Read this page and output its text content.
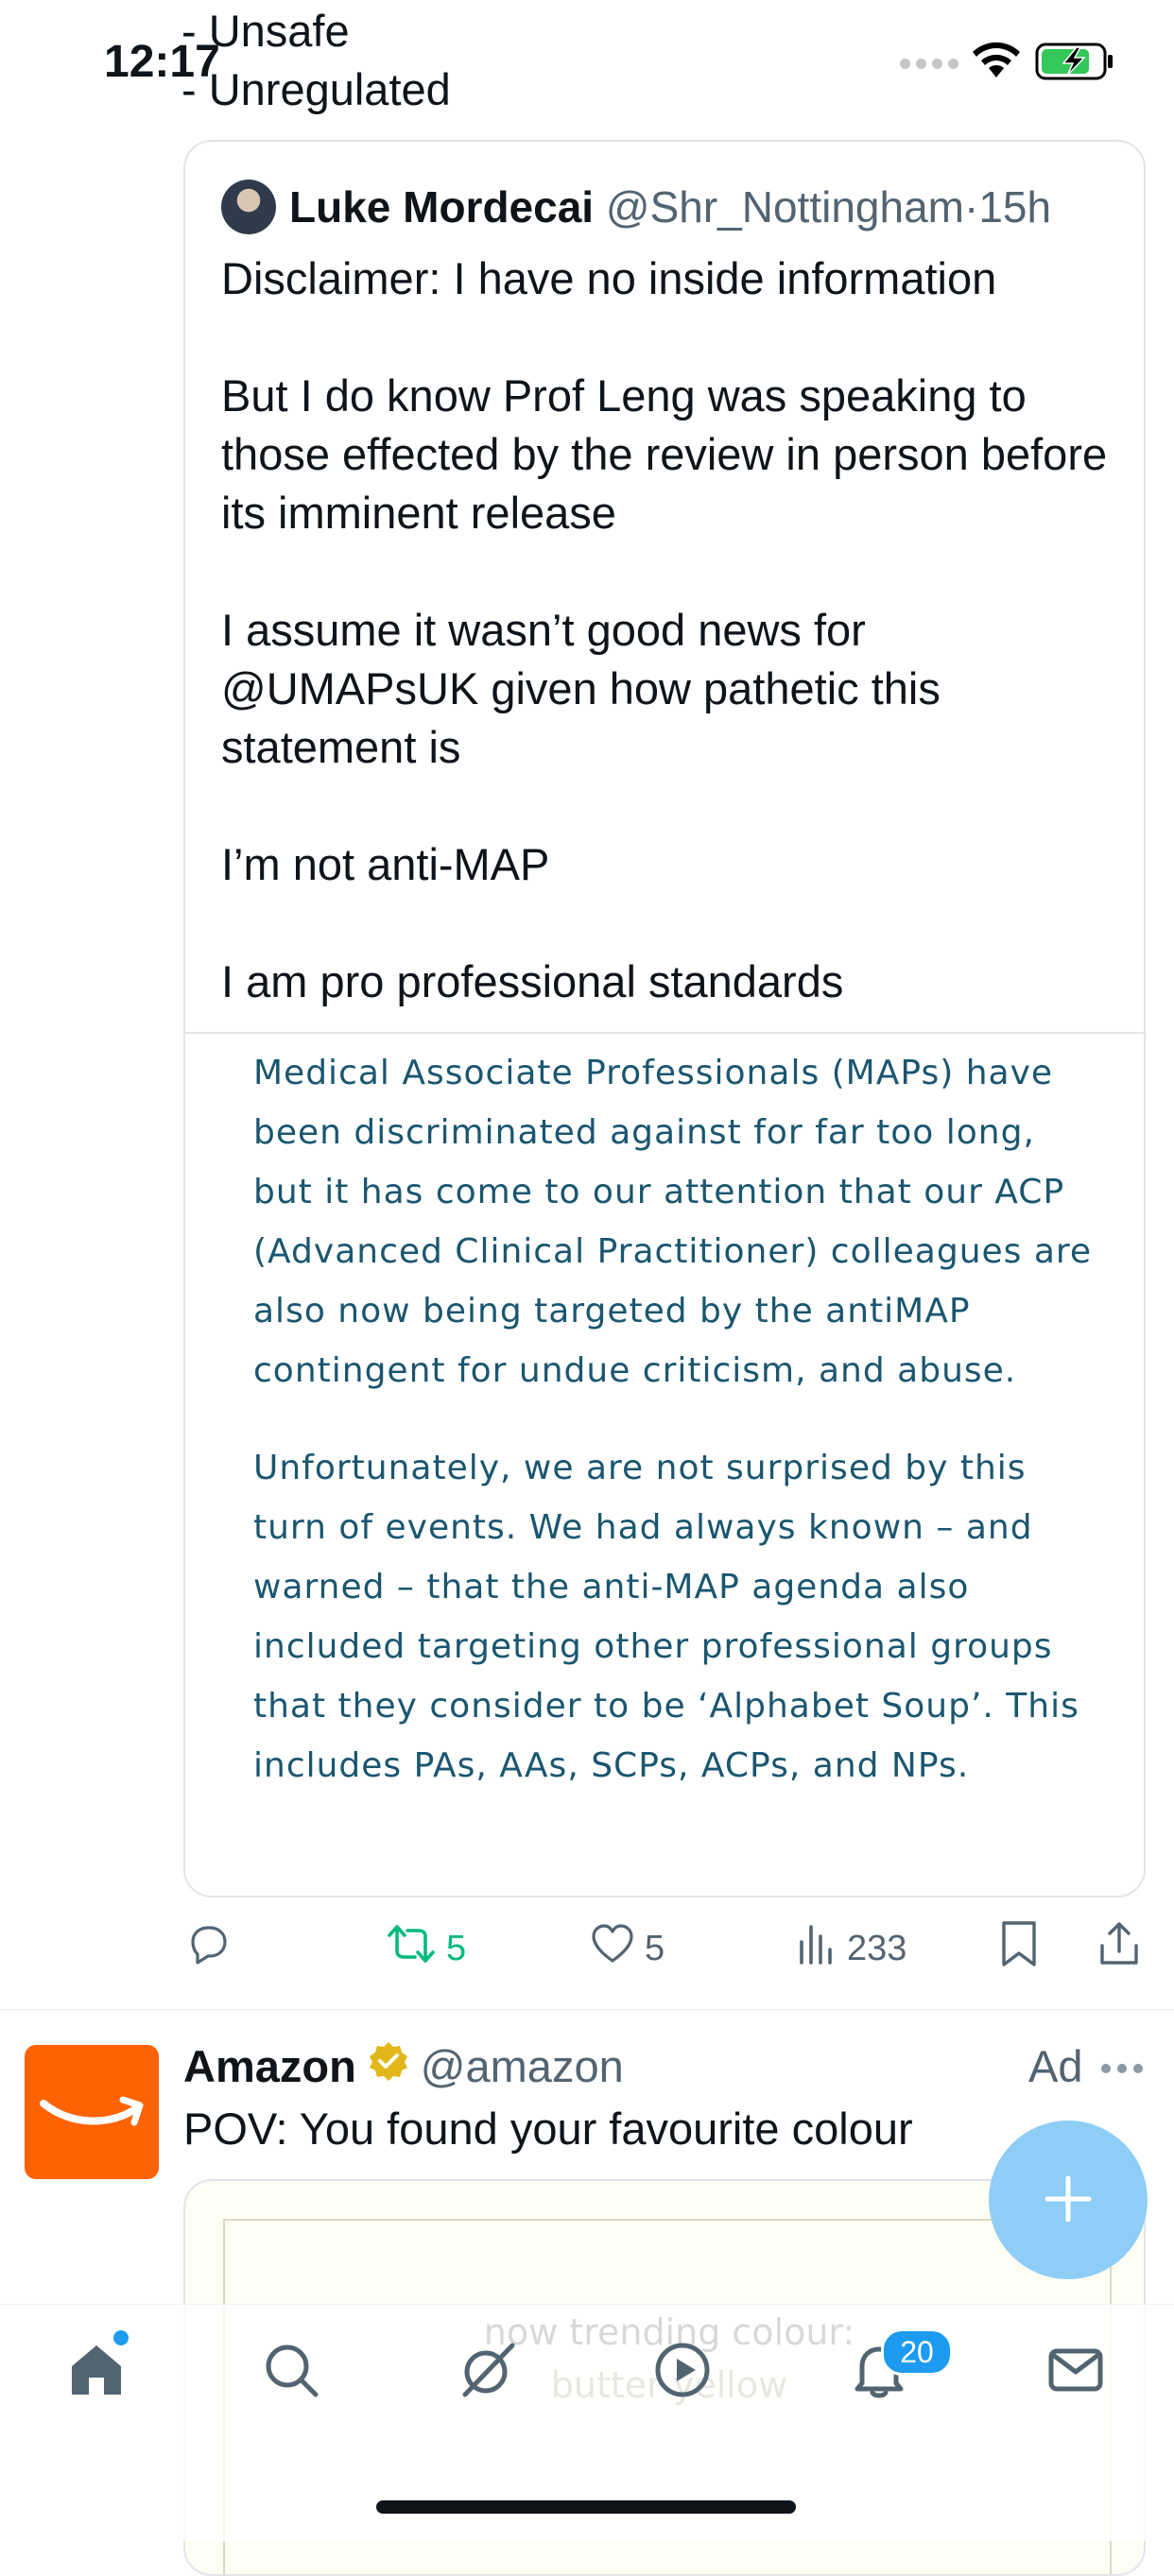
- Unsafe
- Unregulated
12:17
Luke Mordecai @Shr_Nottingham·15h

Disclaimer: I have no inside information

But I do know Prof Leng was speaking to those effected by the review in person before its imminent release

I assume it wasn’t good news for @UMAPsUK given how pathetic this statement is

I’m not anti-MAP

I am pro professional standards

Medical Associate Professionals (MAPs) have been discriminated against for far too long, but it has come to our attention that our ACP (Advanced Clinical Practitioner) colleagues are also now being targeted by the antiMAP contingent for undue criticism, and abuse.

Unfortunately, we are not surprised by this turn of events. We had always known – and warned – that the anti-MAP agenda also included targeting other professional groups that they consider to be ‘Alphabet Soup’. This includes PAs, AAs, SCPs, ACPs, and NPs.

5	5	233
Amazon @amazon	Ad
POV: You found your favourite colour
20
